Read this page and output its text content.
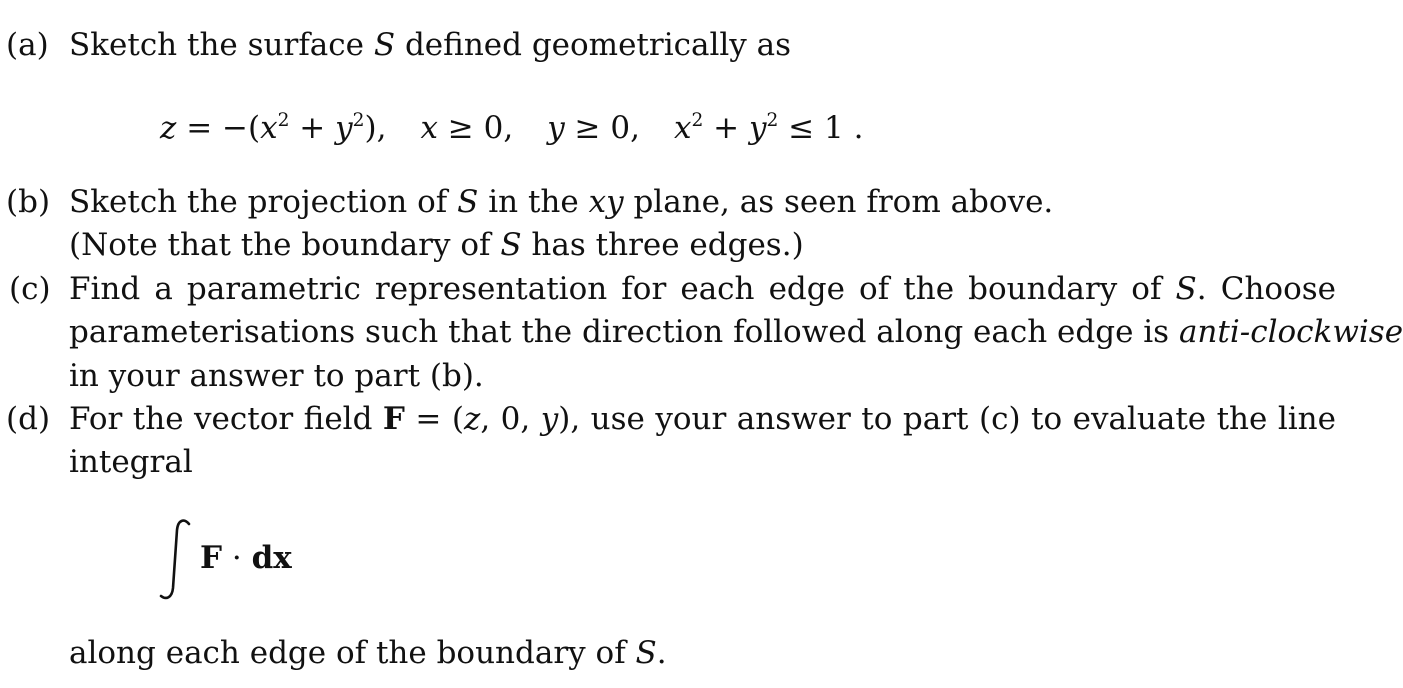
(a) Sketch the surface S defined geometrically as
$z = -(x^2 + y^2)$, x ≥ 0, y ≥ 0, $x^2 + y^2 \le 1$ .
(b) Sketch the projection of S in the xy plane, as seen from above.
(Note that the boundary of S has three edges.)
(c) Find a parametric representation for each edge of the boundary of S. Choose
parameterisations such that the direction followed along each edge is anti-clockwise
in your answer to part (b).
(d) For the vector field F = (z, 0, y), use your answer to part (c) to evaluate the line
integral
F · dx
along each edge of the boundary of S.
